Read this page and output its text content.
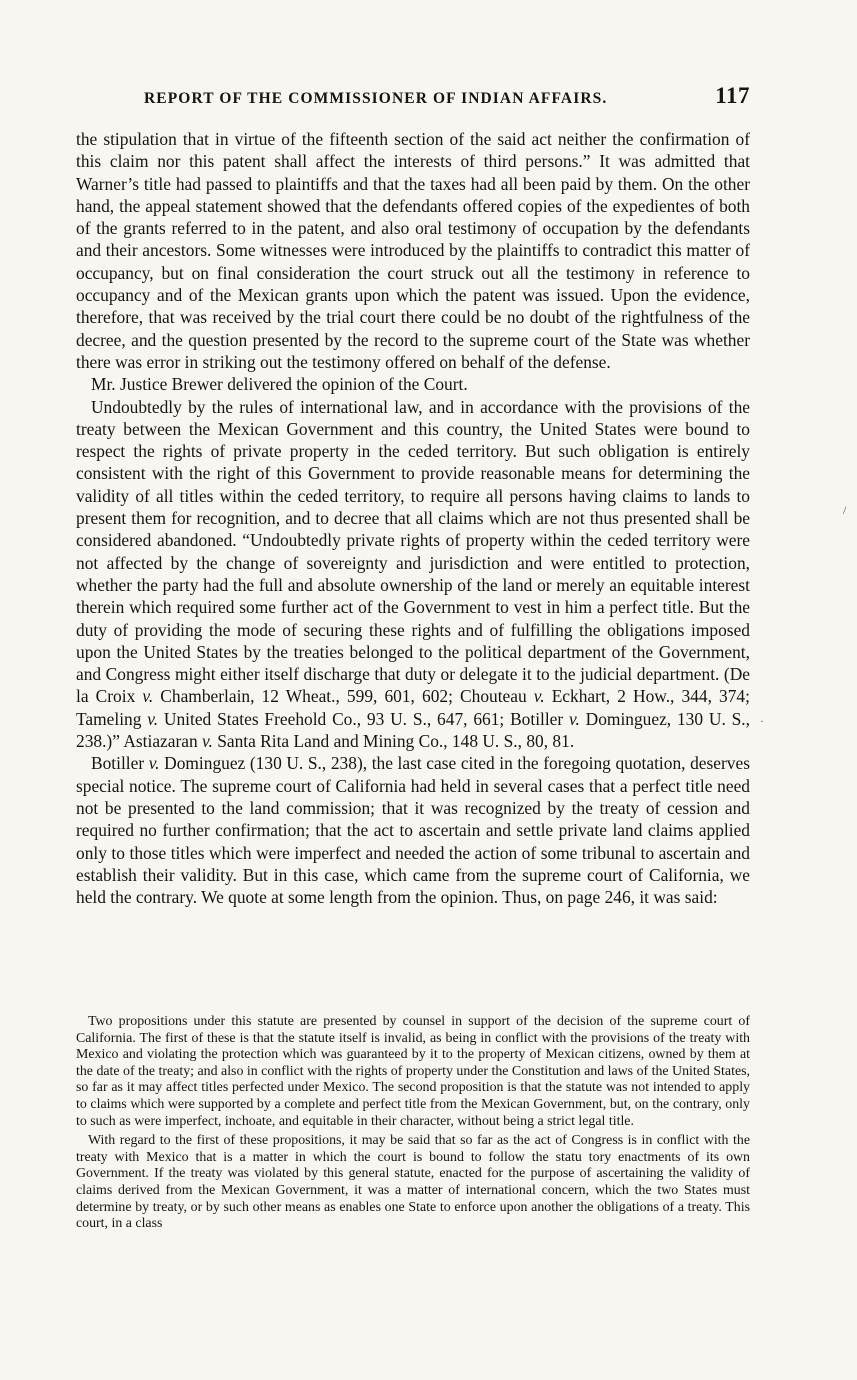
REPORT OF THE COMMISSIONER OF INDIAN AFFAIRS.	117

the stipulation that in virtue of the fifteenth section of the said act neither the confirmation of this claim nor this patent shall affect the interests of third persons.” It was admitted that Warner’s title had passed to plaintiffs and that the taxes had all been paid by them. On the other hand, the appeal statement showed that the defendants offered copies of the expedientes of both of the grants referred to in the patent, and also oral testimony of occupation by the defendants and their ancestors. Some witnesses were introduced by the plaintiffs to contradict this matter of occupancy, but on final consideration the court struck out all the testimony in reference to occupancy and of the Mexican grants upon which the patent was issued. Upon the evidence, therefore, that was received by the trial court there could be no doubt of the rightfulness of the decree, and the question presented by the record to the supreme court of the State was whether there was error in striking out the testimony offered on behalf of the defense.

Mr. Justice Brewer delivered the opinion of the Court.

Undoubtedly by the rules of international law, and in accordance with the provisions of the treaty between the Mexican Government and this country, the United States were bound to respect the rights of private property in the ceded territory. But such obligation is entirely consistent with the right of this Government to provide reasonable means for determining the validity of all titles within the ceded territory, to require all persons having claims to lands to present them for recognition, and to decree that all claims which are not thus presented shall be considered abandoned. “Undoubtedly private rights of property within the ceded territory were not affected by the change of sovereignty and jurisdiction and were entitled to protection, whether the party had the full and absolute ownership of the land or merely an equitable interest therein which required some further act of the Government to vest in him a perfect title. But the duty of providing the mode of securing these rights and of fulfilling the obligations imposed upon the United States by the treaties belonged to the political department of the Government, and Congress might either itself discharge that duty or delegate it to the judicial department. (De la Croix v. Chamberlain, 12 Wheat., 599, 601, 602; Chouteau v. Eckhart, 2 How., 344, 374; Tameling v. United States Freehold Co., 93 U. S., 647, 661; Botiller v. Dominguez, 130 U. S., 238.)” Astiazaran v. Santa Rita Land and Mining Co., 148 U. S., 80, 81.

Botiller v. Dominguez (130 U. S., 238), the last case cited in the foregoing quotation, deserves special notice. The supreme court of California had held in several cases that a perfect title need not be presented to the land commission; that it was recognized by the treaty of cession and required no further confirmation; that the act to ascertain and settle private land claims applied only to those titles which were imperfect and needed the action of some tribunal to ascertain and establish their validity. But in this case, which came from the supreme court of California, we held the contrary. We quote at some length from the opinion. Thus, on page 246, it was said:

Two propositions under this statute are presented by counsel in support of the decision of the supreme court of California. The first of these is that the statute itself is invalid, as being in conflict with the provisions of the treaty with Mexico and violating the protection which was guaranteed by it to the property of Mexican citizens, owned by them at the date of the treaty; and also in conflict with the rights of property under the Constitution and laws of the United States, so far as it may affect titles perfected under Mexico. The second proposition is that the statute was not intended to apply to claims which were supported by a complete and perfect title from the Mexican Government, but, on the contrary, only to such as were imperfect, inchoate, and equitable in their character, without being a strict legal title.

With regard to the first of these propositions, it may be said that so far as the act of Congress is in conflict with the treaty with Mexico that is a matter in which the court is bound to follow the statu tory enactments of its own Government. If the treaty was violated by this general statute, enacted for the purpose of ascertaining the validity of claims derived from the Mexican Government, it was a matter of international concern, which the two States must determine by treaty, or by such other means as enables one State to enforce upon another the obligations of a treaty. This court, in a class

/
·
